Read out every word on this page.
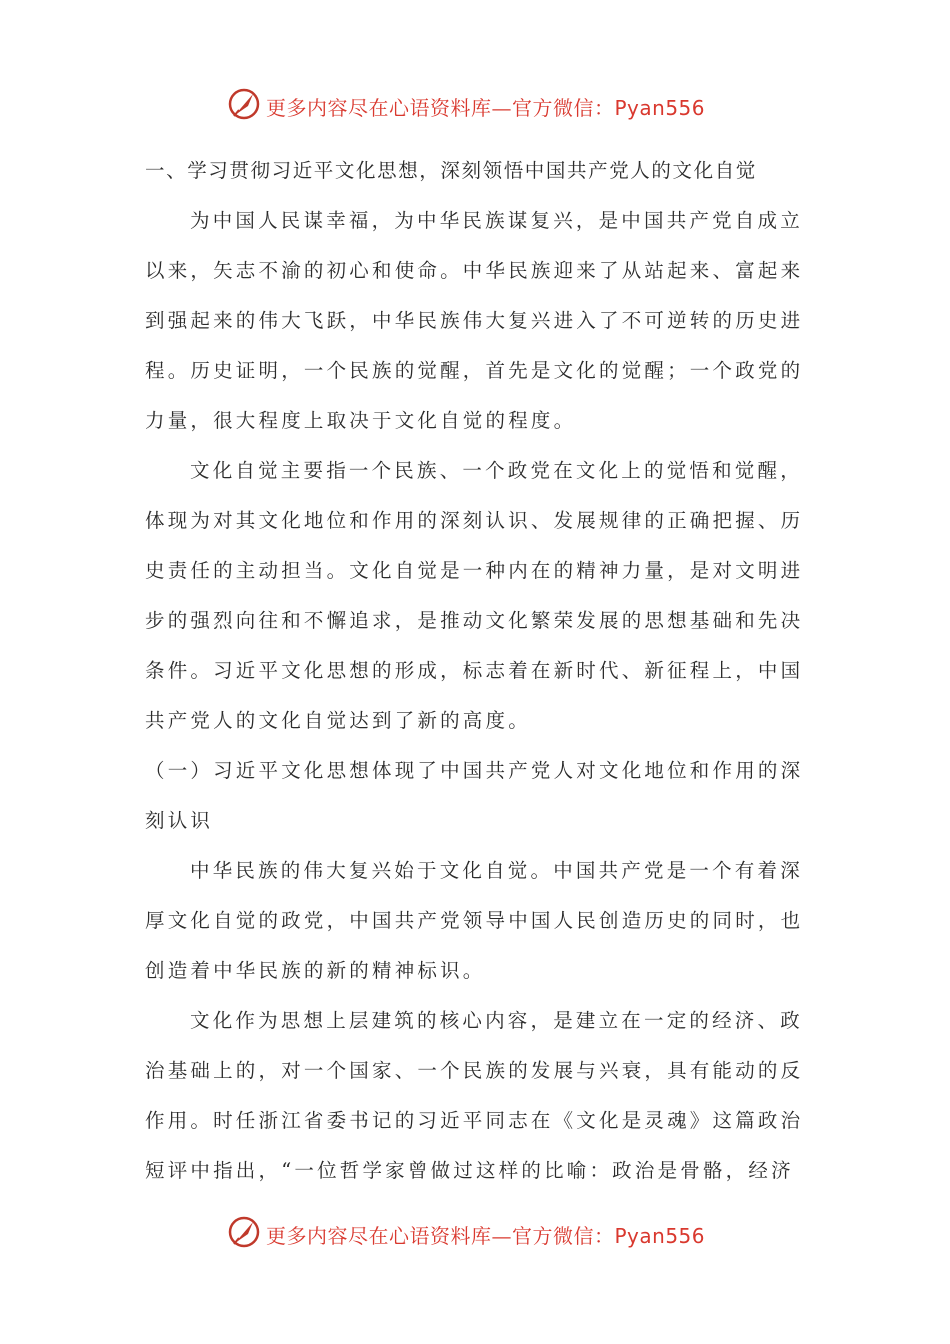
更多内容尽在心语资料库—官方微信：Pyan556
一、学习贯彻习近平文化思想，深刻领悟中国共产党人的文化自觉
为中国人民谋幸福，为中华民族谋复兴，是中国共产党自成立
以来，矢志不渝的初心和使命。中华民族迎来了从站起来、富起来
到强起来的伟大飞跃，中华民族伟大复兴进入了不可逆转的历史进
程。历史证明，一个民族的觉醒，首先是文化的觉醒；一个政党的
力量，很大程度上取决于文化自觉的程度。
文化自觉主要指一个民族、一个政党在文化上的觉悟和觉醒，
体现为对其文化地位和作用的深刻认识、发展规律的正确把握、历
史责任的主动担当。文化自觉是一种内在的精神力量，是对文明进
步的强烈向往和不懈追求，是推动文化繁荣发展的思想基础和先决
条件。习近平文化思想的形成，标志着在新时代、新征程上，中国
共产党人的文化自觉达到了新的高度。
（一）习近平文化思想体现了中国共产党人对文化地位和作用的深
刻认识
中华民族的伟大复兴始于文化自觉。中国共产党是一个有着深
厚文化自觉的政党，中国共产党领导中国人民创造历史的同时，也
创造着中华民族的新的精神标识。
文化作为思想上层建筑的核心内容，是建立在一定的经济、政
治基础上的，对一个国家、一个民族的发展与兴衰，具有能动的反
作用。时任浙江省委书记的习近平同志在《文化是灵魂》这篇政治
短评中指出，“一位哲学家曾做过这样的比喻：政治是骨骼，经济
更多内容尽在心语资料库—官方微信：Pyan556
